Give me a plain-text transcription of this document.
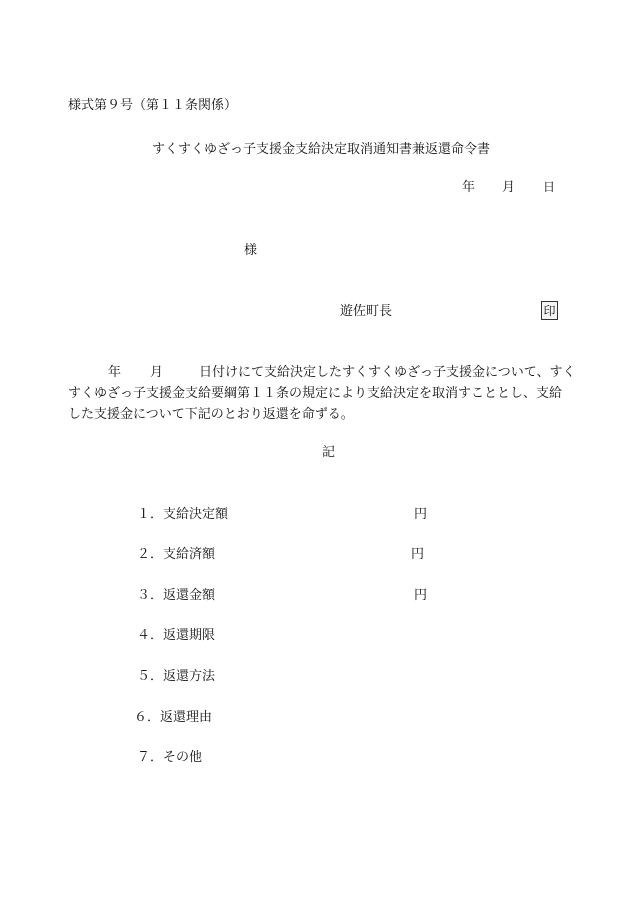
様式第９号（第１１条関係）
すくすくゆざっ子支援金支給決定取消通知書兼返還命令書
年 月 日
様
遊佐町長	印
年 月	日付けにて支給決定したすくすくゆざっ子支援金について、すく
すくゆざっ子支援金支給要綱第１１条の規定により支給決定を取消すこととし、支給
した支援金について下記のとおり返還を命ずる。
記
１．支給決定額	円
２．支給済額	円
３．返還金額	円
４．返還期限
５．返還方法
６．返還理由
７．その他
